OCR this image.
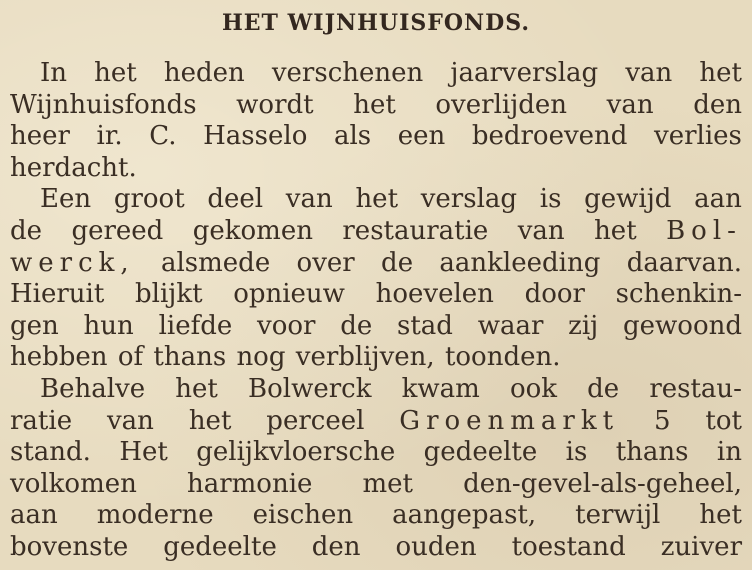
HET WIJNHUISFONDS.
In het heden verschenen jaarverslag van het
Wijnhuisfonds wordt het overlijden van den
heer ir. C. Hasselo als een bedroevend verlies
herdacht.
Een groot deel van het verslag is gewijd aan
de gereed gekomen restauratie van het Bol-
werck, alsmede over de aankleeding daarvan.
Hieruit blijkt opnieuw hoevelen door schenkin-
gen hun liefde voor de stad waar zij gewoond
hebben
of
thans
nog
verblijven,
toonden.
Behalve het Bolwerck kwam ook de restau-
ratie van het perceel Groenmarkt 5 tot
stand. Het gelijkvloersche gedeelte is thans in
volkomen harmonie met den-gevel-als-geheel,
aan moderne eischen aangepast, terwijl het
bovenste gedeelte den ouden toestand zuiver
